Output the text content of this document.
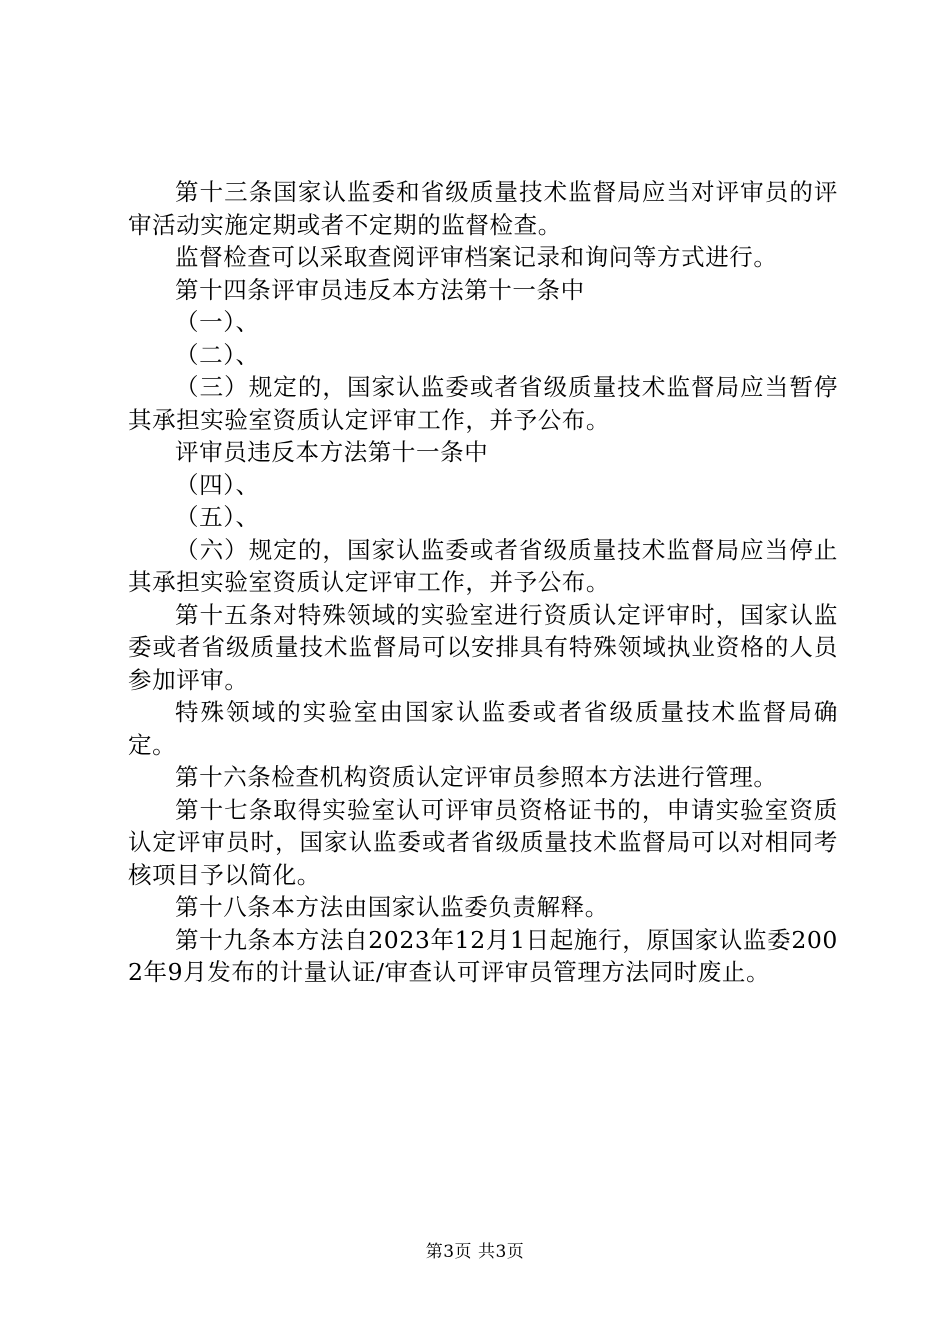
第十三条国家认监委和省级质量技术监督局应当对评审员的评审活动实施定期或者不定期的监督检查。

监督检查可以采取查阅评审档案记录和询问等方式进行。

第十四条评审员违反本方法第十一条中

（一）、

（二）、

（三）规定的，国家认监委或者省级质量技术监督局应当暂停其承担实验室资质认定评审工作，并予公布。

评审员违反本方法第十一条中

（四）、

（五）、

（六）规定的，国家认监委或者省级质量技术监督局应当停止其承担实验室资质认定评审工作，并予公布。

第十五条对特殊领域的实验室进行资质认定评审时，国家认监委或者省级质量技术监督局可以安排具有特殊领域执业资格的人员参加评审。

特殊领域的实验室由国家认监委或者省级质量技术监督局确定。

第十六条检查机构资质认定评审员参照本方法进行管理。

第十七条取得实验室认可评审员资格证书的，申请实验室资质认定评审员时，国家认监委或者省级质量技术监督局可以对相同考核项目予以简化。

第十八条本方法由国家认监委负责解释。

第十九条本方法自2023年12月1日起施行，原国家认监委2002年9月发布的计量认证/审查认可评审员管理方法同时废止。

第3页 共3页
